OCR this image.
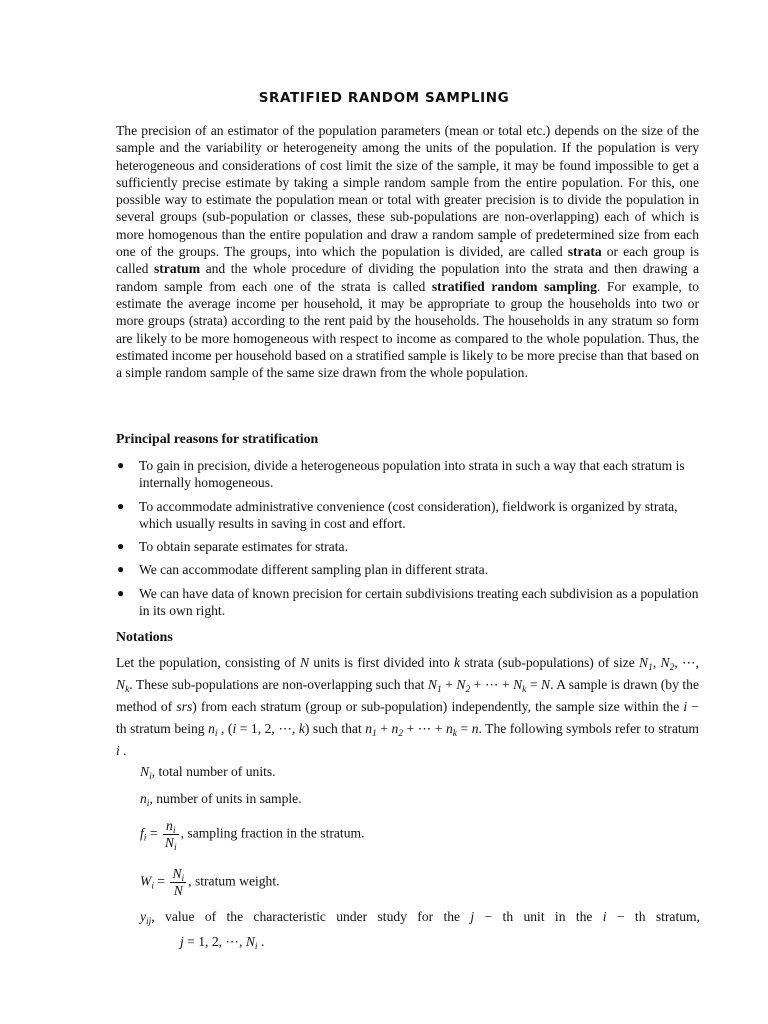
SRATIFIED RANDOM SAMPLING

The precision of an estimator of the population parameters (mean or total etc.) depends on the size of the sample and the variability or heterogeneity among the units of the population. If the population is very heterogeneous and considerations of cost limit the size of the sample, it may be found impossible to get a sufficiently precise estimate by taking a simple random sample from the entire population. For this, one possible way to estimate the population mean or total with greater precision is to divide the population in several groups (sub-population or classes, these sub-populations are non-overlapping) each of which is more homogenous than the entire population and draw a random sample of predetermined size from each one of the groups. The groups, into which the population is divided, are called strata or each group is called stratum and the whole procedure of dividing the population into the strata and then drawing a random sample from each one of the strata is called stratified random sampling. For example, to estimate the average income per household, it may be appropriate to group the households into two or more groups (strata) according to the rent paid by the households. The households in any stratum so form are likely to be more homogeneous with respect to income as compared to the whole population. Thus, the estimated income per household based on a stratified sample is likely to be more precise than that based on a simple random sample of the same size drawn from the whole population.

Principal reasons for stratification

● To gain in precision, divide a heterogeneous population into strata in such a way that each stratum is internally homogeneous.
● To accommodate administrative convenience (cost consideration), fieldwork is organized by strata, which usually results in saving in cost and effort.
● To obtain separate estimates for strata.
● We can accommodate different sampling plan in different strata.
● We can have data of known precision for certain subdivisions treating each subdivision as a population in its own right.

Notations

Let the population, consisting of N units is first divided into k strata (sub-populations) of size $N_1$, $N_2$, ⋯, $N_k$. These sub-populations are non-overlapping such that $N_1 + N_2$ + ⋯ + $N_k = N$. A sample is drawn (by the method of srs) from each stratum (group or sub-population) independently, the sample size within the i − th stratum being $n_i$ , (i = 1, 2, ⋯, k) such that $n_1 + n_2$ + ⋯ + $n_k = n$. The following symbols refer to stratum i .

$N_i$, total number of units.
$n_i$, number of units in sample.
$f_i = \frac{n_i}{N_i}$ , sampling fraction in the stratum.
$W_i = \frac{N_i}{N}$ , stratum weight.
$y_{ij}$, value of the characteristic under study for the j − th unit in the i − th stratum,
j = 1, 2, ⋯, $N_i$ .
